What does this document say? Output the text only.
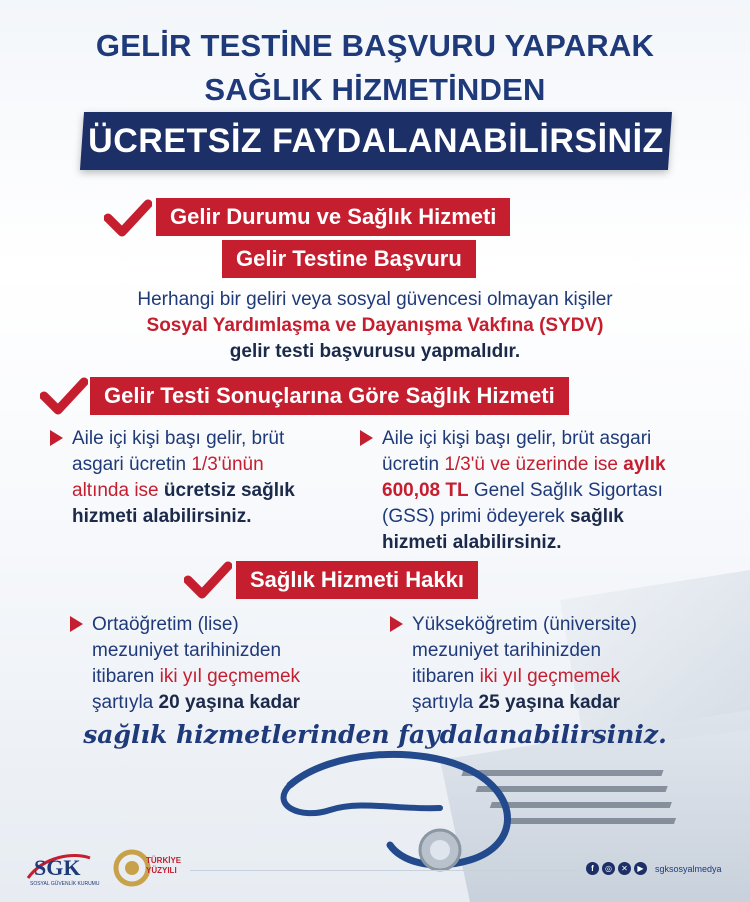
GELİR TESTİNE BAŞVURU YAPARAK
SAĞLIK HİZMETİNDEN
ÜCRETSİZ FAYDALANABİLİRSİNİZ
Gelir Durumu ve Sağlık Hizmeti
Gelir Testine Başvuru
Herhangi bir geliri veya sosyal güvencesi olmayan kişiler
Sosyal Yardımlaşma ve Dayanışma Vakfına (SYDV)
gelir testi başvurusu yapmalıdır.
Gelir Testi Sonuçlarına Göre Sağlık Hizmeti
Aile içi kişi başı gelir, brüt
asgari ücretin 1/3'ünün
altında ise ücretsiz sağlık
hizmeti alabilirsiniz.
Aile içi kişi başı gelir, brüt asgari
ücretin 1/3'ü ve üzerinde ise aylık
600,08 TL Genel Sağlık Sigortası
(GSS) primi ödeyerek sağlık
hizmeti alabilirsiniz.
Sağlık Hizmeti Hakkı
Ortaöğretim (lise)
mezuniyet tarihinizden
itibaren iki yıl geçmemek
şartıyla 20 yaşına kadar
Yükseköğretim (üniversite)
mezuniyet tarihinizden
itibaren iki yıl geçmemek
şartıyla 25 yaşına kadar
sağlık hizmetlerinden faydalanabilirsiniz.
SGK
SOSYAL GÜVENLİK KURUMU
TÜRKİYE
YÜZYILI	f	◎	✕	▶	sgksosyalmedya
